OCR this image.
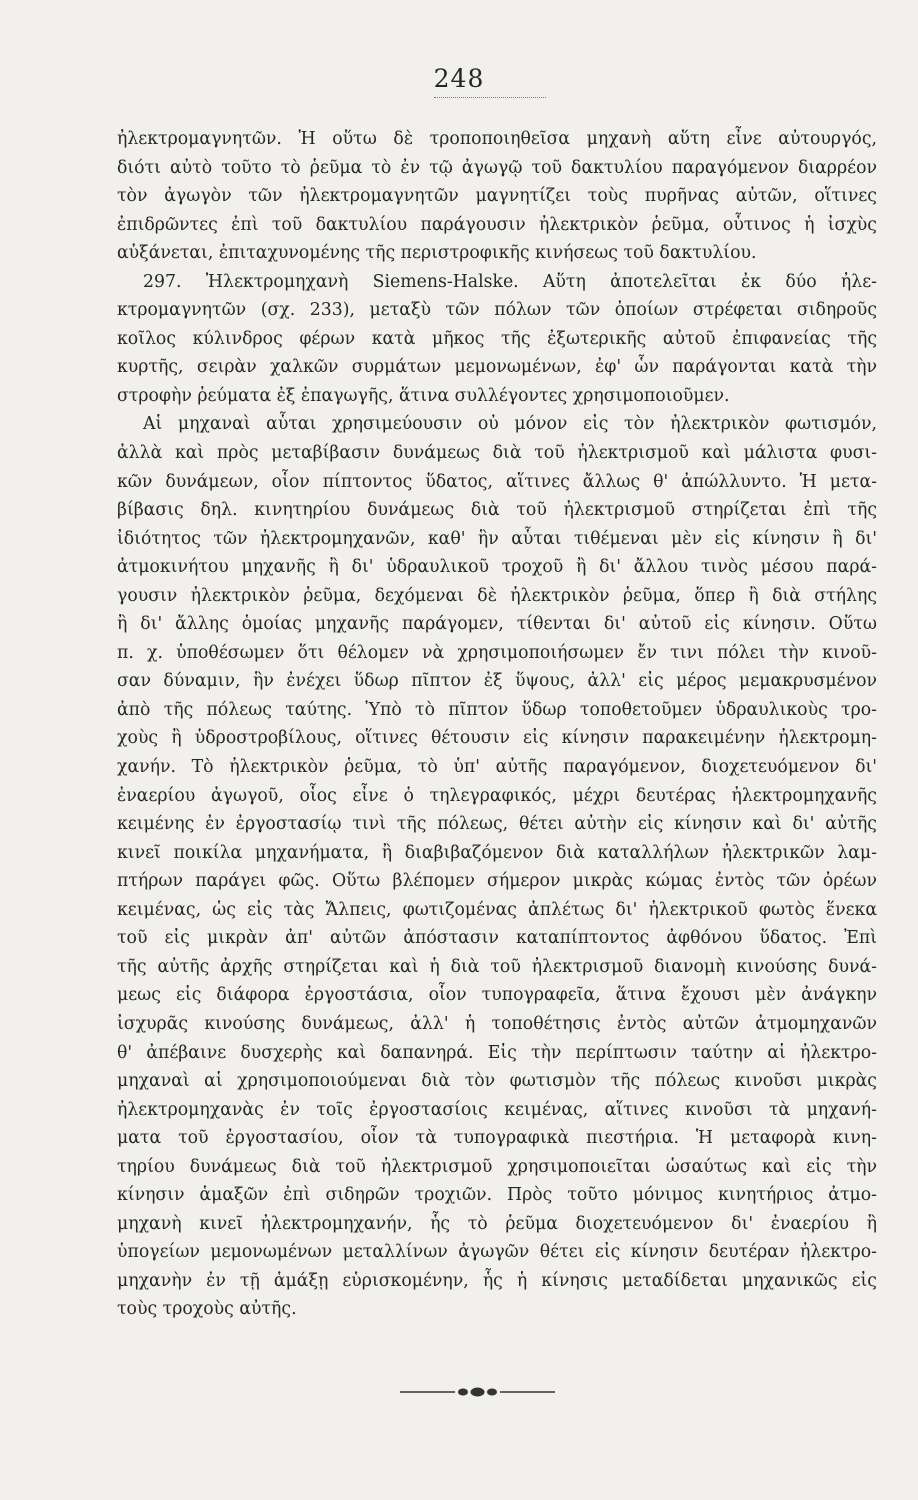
248
ἠλεκτρομαγνητῶν. Ἡ οὕτω δὲ τροποποιηθεῖσα μηχανὴ αὕτη εἶνε αὐτουργός,
διότι αὐτὸ τοῦτο τὸ ῥεῦμα τὸ ἐν τῷ ἀγωγῷ τοῦ δακτυλίου παραγόμενον διαρρέον
τὸν ἀγωγὸν τῶν ἠλεκτρομαγνητῶν μαγνητίζει τοὺς πυρῆνας αὐτῶν, οἵτινες
ἐπιδρῶντες ἐπὶ τοῦ δακτυλίου παράγουσιν ἠλεκτρικὸν ῥεῦμα, οὗτινος ἡ ἰσχὺς
αὐξάνεται, ἐπιταχυνομένης τῆς περιστροφικῆς κινήσεως τοῦ δακτυλίου.
297. Ἠλεκτρομηχανὴ Siemens-Halske. Αὕτη ἀποτελεῖται ἐκ δύο ἠλε-
κτρομαγνητῶν (σχ. 233), μεταξὺ τῶν πόλων τῶν ὁποίων στρέφεται σιδηροῦς
κοῖλος κύλινδρος φέρων κατὰ μῆκος τῆς ἐξωτερικῆς αὐτοῦ ἐπιφανείας τῆς
κυρτῆς, σειρὰν χαλκῶν συρμάτων μεμονωμένων, ἐφ' ὧν παράγονται κατὰ τὴν
στροφὴν ῥεύματα ἐξ ἐπαγωγῆς, ἅτινα συλλέγοντες χρησιμοποιοῦμεν.
Αἱ μηχαναὶ αὗται χρησιμεύουσιν οὐ μόνον εἰς τὸν ἠλεκτρικὸν φωτισμόν,
ἀλλὰ καὶ πρὸς μεταβίβασιν δυνάμεως διὰ τοῦ ἠλεκτρισμοῦ καὶ μάλιστα φυσι-
κῶν δυνάμεων, οἷον πίπτοντος ὕδατος, αἵτινες ἄλλως θ' ἀπώλλυντο. Ἡ μετα-
βίβασις δηλ. κινητηρίου δυνάμεως διὰ τοῦ ἠλεκτρισμοῦ στηρίζεται ἐπὶ τῆς
ἰδιότητος τῶν ἠλεκτρομηχανῶν, καθ' ἣν αὗται τιθέμεναι μὲν εἰς κίνησιν ἢ δι'
ἀτμοκινήτου μηχανῆς ἢ δι' ὑδραυλικοῦ τροχοῦ ἢ δι' ἄλλου τινὸς μέσου παρά-
γουσιν ἠλεκτρικὸν ῥεῦμα, δεχόμεναι δὲ ἠλεκτρικὸν ῥεῦμα, ὅπερ ἢ διὰ στήλης
ἢ δι' ἄλλης ὁμοίας μηχανῆς παράγομεν, τίθενται δι' αὐτοῦ εἰς κίνησιν. Οὕτω
π. χ. ὑποθέσωμεν ὅτι θέλομεν νὰ χρησιμοποιήσωμεν ἔν τινι πόλει τὴν κινοῦ-
σαν δύναμιν, ἣν ἐνέχει ὕδωρ πῖπτον ἐξ ὕψους, ἀλλ' εἰς μέρος μεμακρυσμένον
ἀπὸ τῆς πόλεως ταύτης. Ὑπὸ τὸ πῖπτον ὕδωρ τοποθετοῦμεν ὑδραυλικοὺς τρο-
χοὺς ἢ ὑδροστροβίλους, οἵτινες θέτουσιν εἰς κίνησιν παρακειμένην ἠλεκτρομη-
χανήν. Τὸ ἠλεκτρικὸν ῥεῦμα, τὸ ὑπ' αὐτῆς παραγόμενον, διοχετευόμενον δι'
ἐναερίου ἀγωγοῦ, οἷος εἶνε ὁ τηλεγραφικός, μέχρι δευτέρας ἠλεκτρομηχανῆς
κειμένης ἐν ἐργοστασίῳ τινὶ τῆς πόλεως, θέτει αὐτὴν εἰς κίνησιν καὶ δι' αὐτῆς
κινεῖ ποικίλα μηχανήματα, ἢ διαβιβαζόμενον διὰ καταλλήλων ἠλεκτρικῶν λαμ-
πτήρων παράγει φῶς. Οὕτω βλέπομεν σήμερον μικρὰς κώμας ἐντὸς τῶν ὀρέων
κειμένας, ὡς εἰς τὰς Ἄλπεις, φωτιζομένας ἀπλέτως δι' ἠλεκτρικοῦ φωτὸς ἕνεκα
τοῦ εἰς μικρὰν ἀπ' αὐτῶν ἀπόστασιν καταπίπτοντος ἀφθόνου ὕδατος. Ἐπὶ
τῆς αὐτῆς ἀρχῆς στηρίζεται καὶ ἡ διὰ τοῦ ἠλεκτρισμοῦ διανομὴ κινούσης δυνά-
μεως εἰς διάφορα ἐργοστάσια, οἷον τυπογραφεῖα, ἅτινα ἔχουσι μὲν ἀνάγκην
ἰσχυρᾶς κινούσης δυνάμεως, ἀλλ' ἡ τοποθέτησις ἐντὸς αὐτῶν ἀτμομηχανῶν
θ' ἀπέβαινε δυσχερὴς καὶ δαπανηρά. Εἰς τὴν περίπτωσιν ταύτην αἱ ἠλεκτρο-
μηχαναὶ αἱ χρησιμοποιούμεναι διὰ τὸν φωτισμὸν τῆς πόλεως κινοῦσι μικρὰς
ἠλεκτρομηχανὰς ἐν τοῖς ἐργοστασίοις κειμένας, αἵτινες κινοῦσι τὰ μηχανή-
ματα τοῦ ἐργοστασίου, οἷον τὰ τυπογραφικὰ πιεστήρια. Ἡ μεταφορὰ κινη-
τηρίου δυνάμεως διὰ τοῦ ἠλεκτρισμοῦ χρησιμοποιεῖται ὡσαύτως καὶ εἰς τὴν
κίνησιν ἁμαξῶν ἐπὶ σιδηρῶν τροχιῶν. Πρὸς τοῦτο μόνιμος κινητήριος ἀτμο-
μηχανὴ κινεῖ ἠλεκτρομηχανήν, ἧς τὸ ῥεῦμα διοχετευόμενον δι' ἐναερίου ἢ
ὑπογείων μεμονωμένων μεταλλίνων ἀγωγῶν θέτει εἰς κίνησιν δευτέραν ἠλεκτρο-
μηχανὴν ἐν τῇ ἁμάξῃ εὑρισκομένην, ἧς ἡ κίνησις μεταδίδεται μηχανικῶς εἰς
τοὺς τροχοὺς αὐτῆς.
